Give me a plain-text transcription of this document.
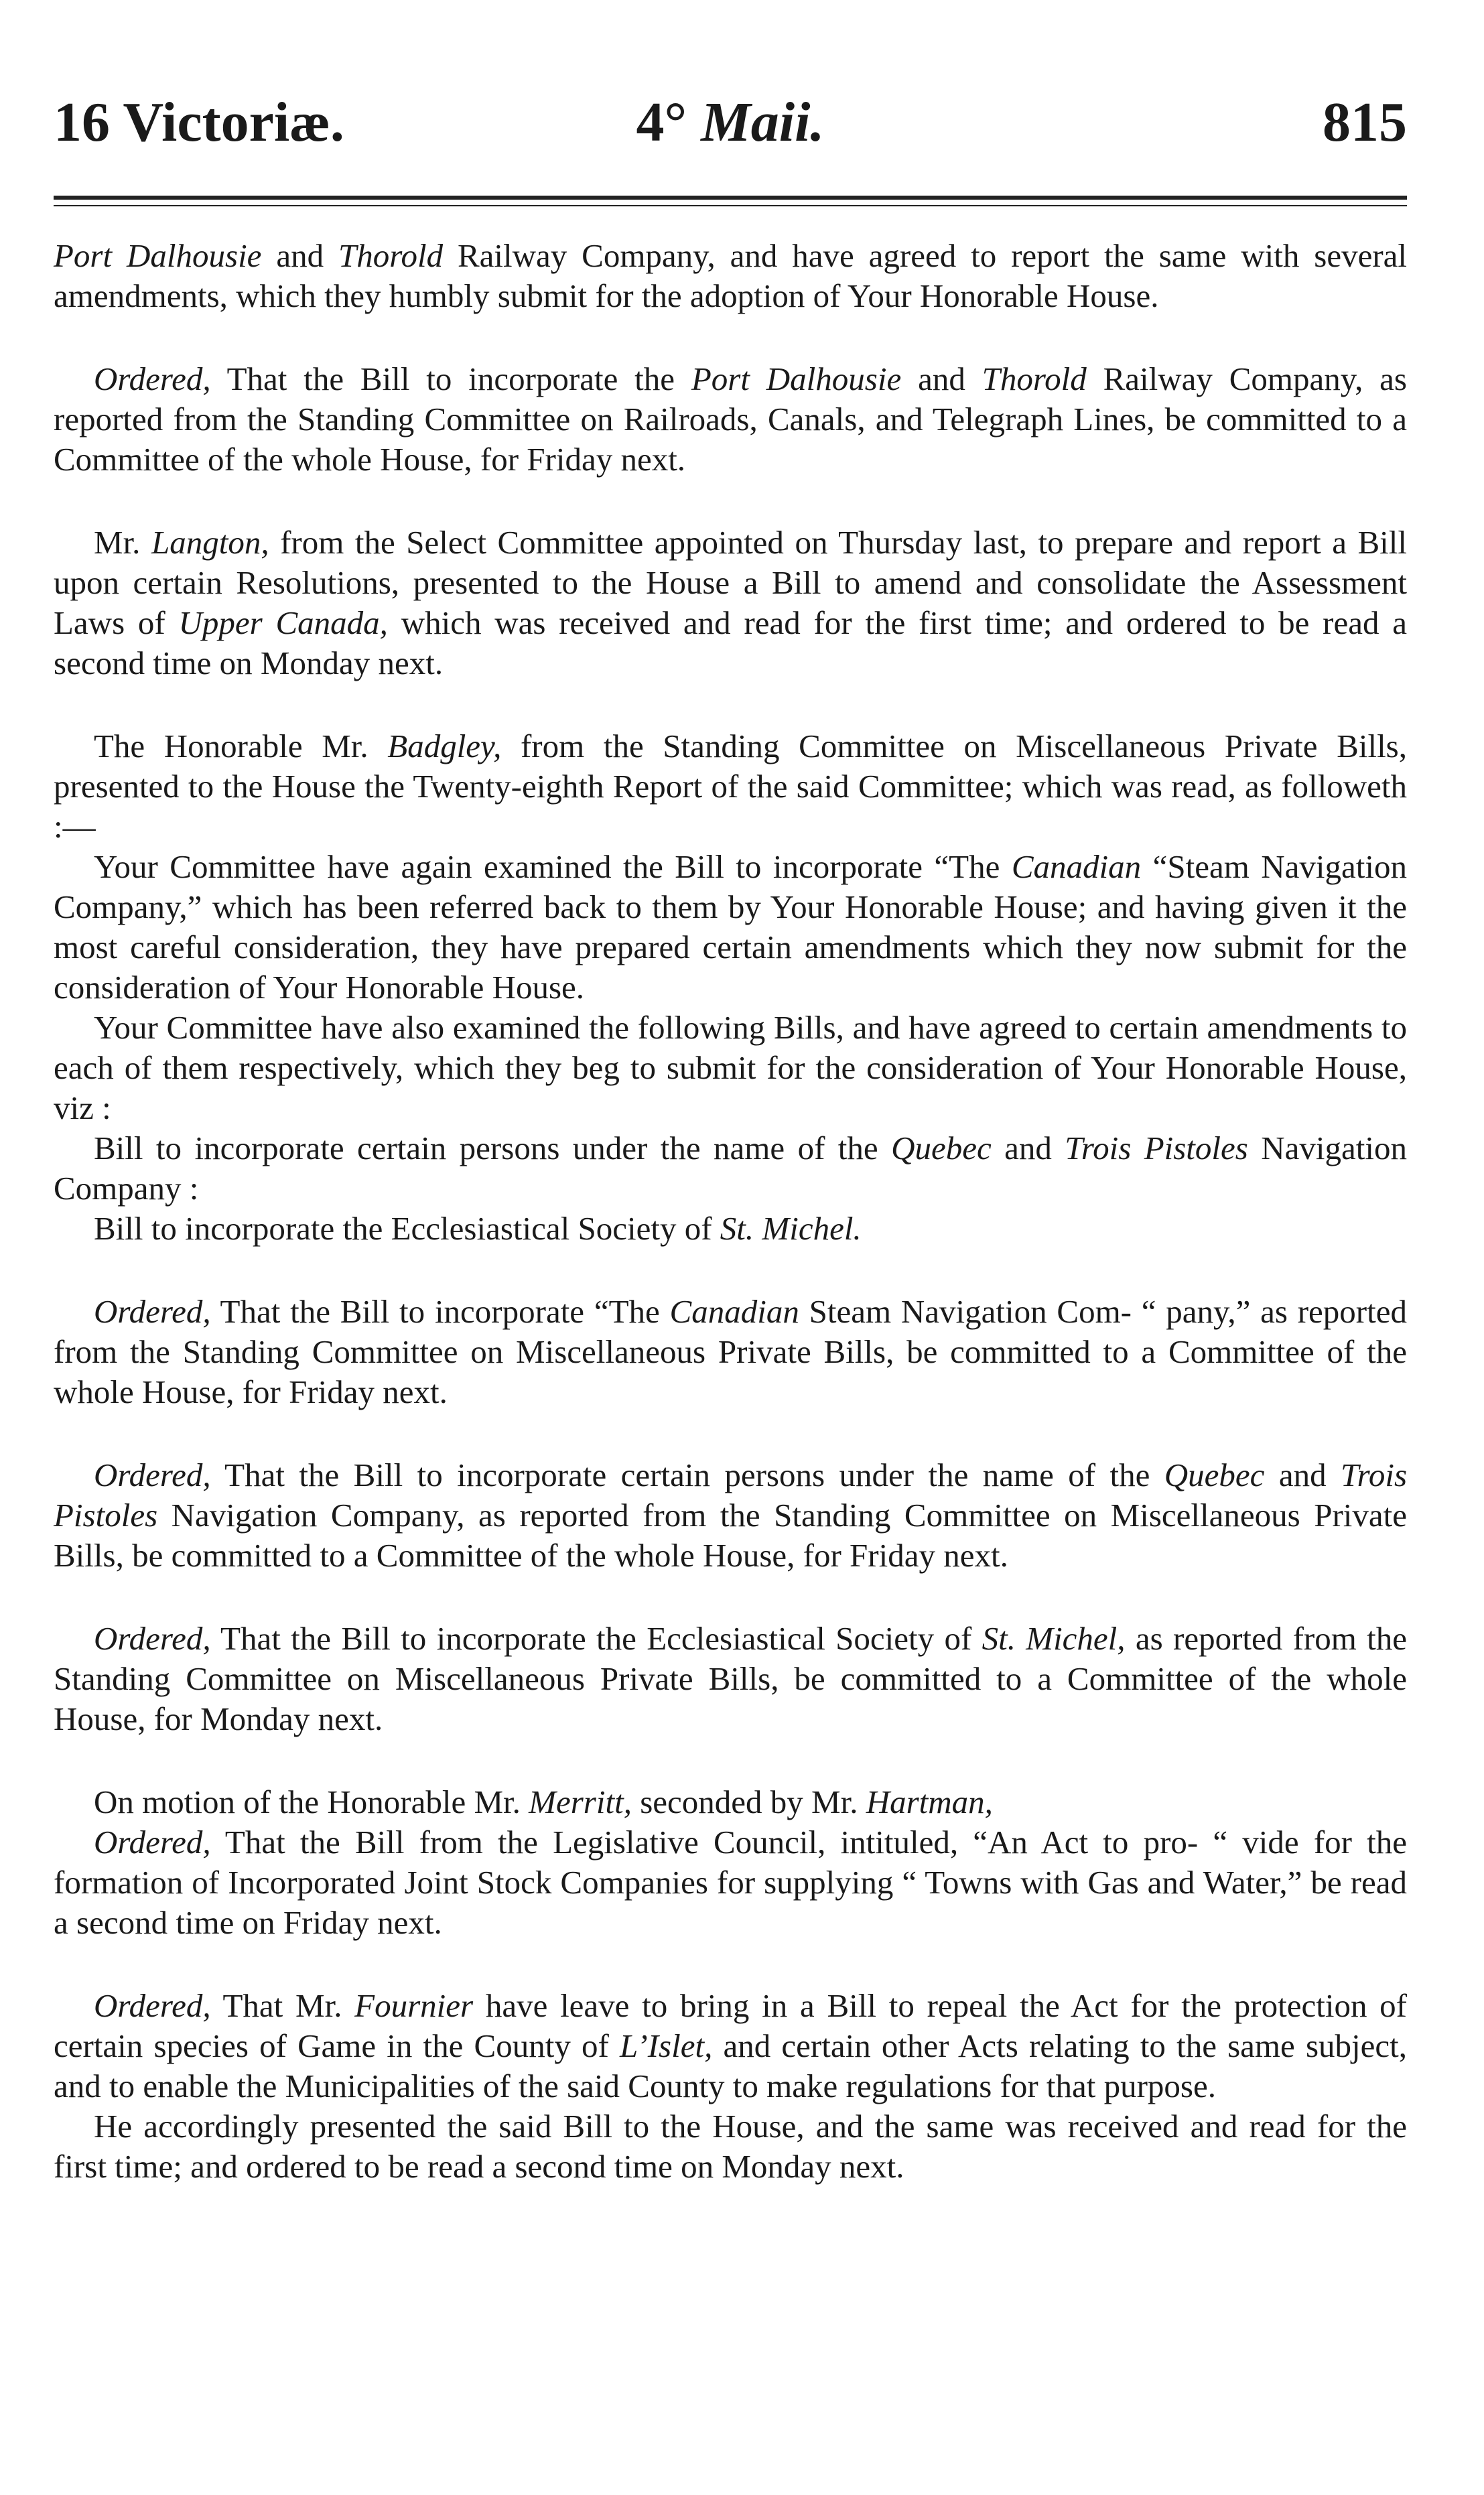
16 Victoriæ.	4° Maii.	815

Port Dalhousie and Thorold Railway Company, and have agreed to report the same with several amendments, which they humbly submit for the adoption of Your Honorable House.

Ordered, That the Bill to incorporate the Port Dalhousie and Thorold Railway Company, as reported from the Standing Committee on Railroads, Canals, and Telegraph Lines, be committed to a Committee of the whole House, for Friday next.

Mr. Langton, from the Select Committee appointed on Thursday last, to prepare and report a Bill upon certain Resolutions, presented to the House a Bill to amend and consolidate the Assessment Laws of Upper Canada, which was received and read for the first time; and ordered to be read a second time on Monday next.

The Honorable Mr. Badgley, from the Standing Committee on Miscellaneous Private Bills, presented to the House the Twenty-eighth Report of the said Committee; which was read, as followeth :—

Your Committee have again examined the Bill to incorporate “The Canadian “Steam Navigation Company,” which has been referred back to them by Your Honorable House; and having given it the most careful consideration, they have prepared certain amendments which they now submit for the consideration of Your Honorable House.

Your Committee have also examined the following Bills, and have agreed to certain amendments to each of them respectively, which they beg to submit for the consideration of Your Honorable House, viz :

Bill to incorporate certain persons under the name of the Quebec and Trois Pistoles Navigation Company :

Bill to incorporate the Ecclesiastical Society of St. Michel.

Ordered, That the Bill to incorporate “The Canadian Steam Navigation Com- “ pany,” as reported from the Standing Committee on Miscellaneous Private Bills, be committed to a Committee of the whole House, for Friday next.

Ordered, That the Bill to incorporate certain persons under the name of the Quebec and Trois Pistoles Navigation Company, as reported from the Standing Committee on Miscellaneous Private Bills, be committed to a Committee of the whole House, for Friday next.

Ordered, That the Bill to incorporate the Ecclesiastical Society of St. Michel, as reported from the Standing Committee on Miscellaneous Private Bills, be committed to a Committee of the whole House, for Monday next.

On motion of the Honorable Mr. Merritt, seconded by Mr. Hartman,

Ordered, That the Bill from the Legislative Council, intituled, “An Act to pro- “ vide for the formation of Incorporated Joint Stock Companies for supplying “ Towns with Gas and Water,” be read a second time on Friday next.

Ordered, That Mr. Fournier have leave to bring in a Bill to repeal the Act for the protection of certain species of Game in the County of L’Islet, and certain other Acts relating to the same subject, and to enable the Municipalities of the said County to make regulations for that purpose.

He accordingly presented the said Bill to the House, and the same was received and read for the first time; and ordered to be read a second time on Monday next.
